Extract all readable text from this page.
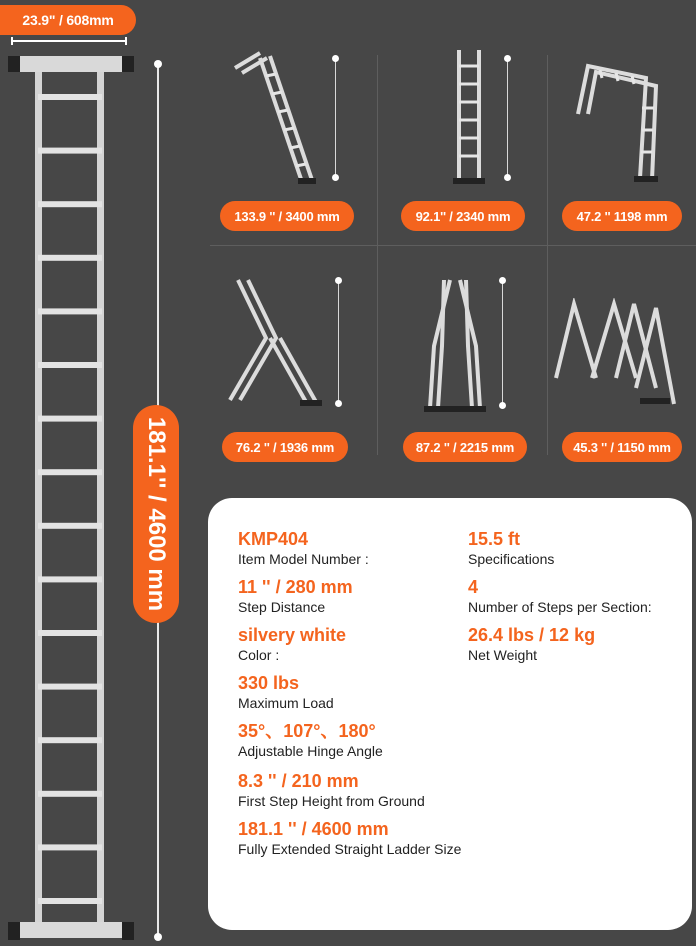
23.9" / 608mm
181.1'' / 4600 mm
133.9 '' / 3400 mm	92.1'' / 2340 mm	47.2 '' 1198 mm
76.2 '' / 1936 mm	87.2 '' / 2215 mm	45.3 '' / 1150 mm
KMP404
Item Model Number :
15.5 ft
Specifications
11 '' / 280 mm
Step Distance
4
Number of Steps per Section:
silvery white
Color :
26.4 lbs / 12 kg
Net Weight
330 lbs
Maximum Load
35°、107°、180°
Adjustable Hinge Angle
8.3 '' / 210 mm
First Step Height from Ground
181.1 '' / 4600 mm
Fully Extended Straight Ladder Size
